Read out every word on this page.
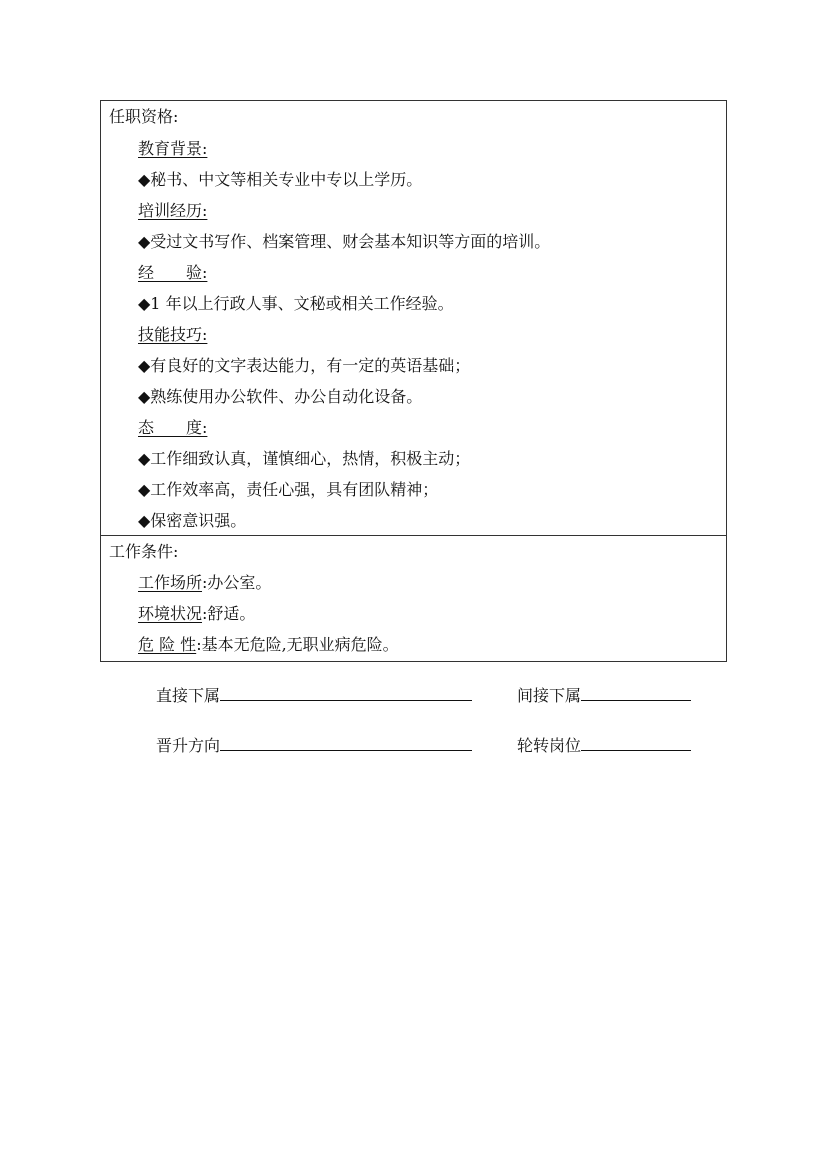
任职资格:
教育背景:
◆秘书、中文等相关专业中专以上学历。
培训经历:
◆受过文书写作、档案管理、财会基本知识等方面的培训。
经　　验:
◆1 年以上行政人事、文秘或相关工作经验。
技能技巧:
◆有良好的文字表达能力，有一定的英语基础；
◆熟练使用办公软件、办公自动化设备。
态　　度:
◆工作细致认真，谨慎细心，热情，积极主动；
◆工作效率高，责任心强，具有团队精神；
◆保密意识强。
工作条件:
工作场所:办公室。
环境状况:舒适。
危 险 性:基本无危险,无职业病危险。
直接下属	间接下属
晋升方向	轮转岗位
